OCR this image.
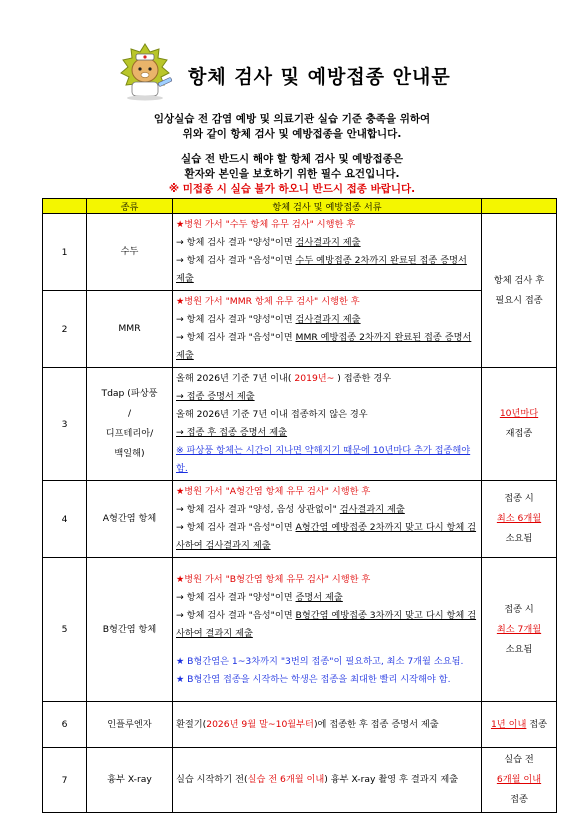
항체 검사 및 예방접종 안내문
임상실습 전 감염 예방 및 의료기관 실습 기준 충족을 위하여
위와 같이 항체 검사 및 예방접종을 안내합니다.
실습 전 반드시 해야 할 항체 검사 및 예방접종은
환자와 본인을 보호하기 위한 필수 요건입니다.
※ 미접종 시 실습 불가 하오니 반드시 접종 바랍니다.
	종류	항체 검사 및 예방접종 서류	
1	수두	★병원 가서 "수두 항체 유무 검사" 시행한 후
→ 항체 검사 결과 "양성"이면 검사결과지 제출
→ 항체 검사 결과 "음성"이면 수두 예방접종 2차까지 완료된 접종 증명서 제출	항체 검사 후
필요시 접종

2	MMR	★병원 가서 "MMR 항체 유무 검사" 시행한 후
→ 항체 검사 결과 "양성"이면 검사결과지 제출
→ 항체 검사 결과 "음성"이면 MMR 예방접종 2차까지 완료된 접종 증명서 제출	

3	Tdap (파상풍
/
디프테리아/
백일해)	올해 2026년 기준 7년 이내( 2019년~ ) 접종한 경우
→ 접종 증명서 제출
올해 2026년 기준 7년 이내 접종하지 않은 경우
→ 접종 후 접종 증명서 제출
※ 파상풍 항체는 시간이 지나면 약해지기 때문에 10년마다 추가 접종해야 함.	10년마다
재접종

4	A형간염 항체	★병원 가서 "A형간염 항체 유무 검사" 시행한 후
→ 항체 검사 결과 "양성, 음성 상관없이" 검사결과지 제출
→ 항체 검사 결과 "음성"이면 A형간염 예방접종 2차까지 맞고 다시 항체 검사하여 검사결과지 제출	접종 시
최소 6개월
소요됨

5	B형간염 항체	★병원 가서 "B형간염 항체 유무 검사" 시행한 후
→ 항체 검사 결과 "양성"이면 증명서 제출
→ 항체 검사 결과 "음성"이면 B형간염 예방접종 3차까지 맞고 다시 항체 검사하여 결과지 제출
★ B형간염은 1~3차까지 "3번의 접종"이 필요하고, 최소 7개월 소요됨.
★ B형간염 접종을 시작하는 학생은 접종을 최대한 빨리 시작해야 함.	접종 시
최소 7개월
소요됨

6	인플루엔자	환절기(2026년 9월 말~10월부터)에 접종한 후 접종 증명서 제출	1년 이내 접종
7	흉부 X-ray	실습 시작하기 전(실습 전 6개월 이내) 흉부 X-ray 촬영 후 결과지 제출	실습 전
6개월 이내
접종
